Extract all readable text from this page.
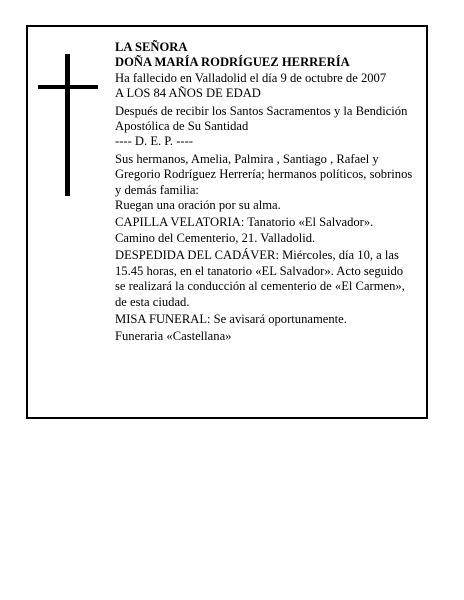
LA SEÑORA

DOÑA MARÍA RODRÍGUEZ HERRERÍA

Ha fallecido en Valladolid el día 9 de octubre de 2007

A LOS 84 AÑOS DE EDAD

Después de recibir los Santos Sacramentos y la Bendición Apostólica de Su Santidad

---- D. E. P. ----

Sus hermanos, Amelia, Palmira , Santiago , Rafael y Gregorio Rodríguez Herrería; hermanos políticos, sobrinos y demás familia:

Ruegan una oración por su alma.

CAPILLA VELATORIA: Tanatorio «El Salvador». Camino del Cementerio, 21. Valladolid.

DESPEDIDA DEL CADÁVER: Miércoles, día 10, a las 15.45 horas, en el tanatorio «EL Salvador». Acto seguido se realizará la conducción al cementerio de «El Carmen», de esta ciudad.

MISA FUNERAL: Se avisará oportunamente.

Funeraria «Castellana»
